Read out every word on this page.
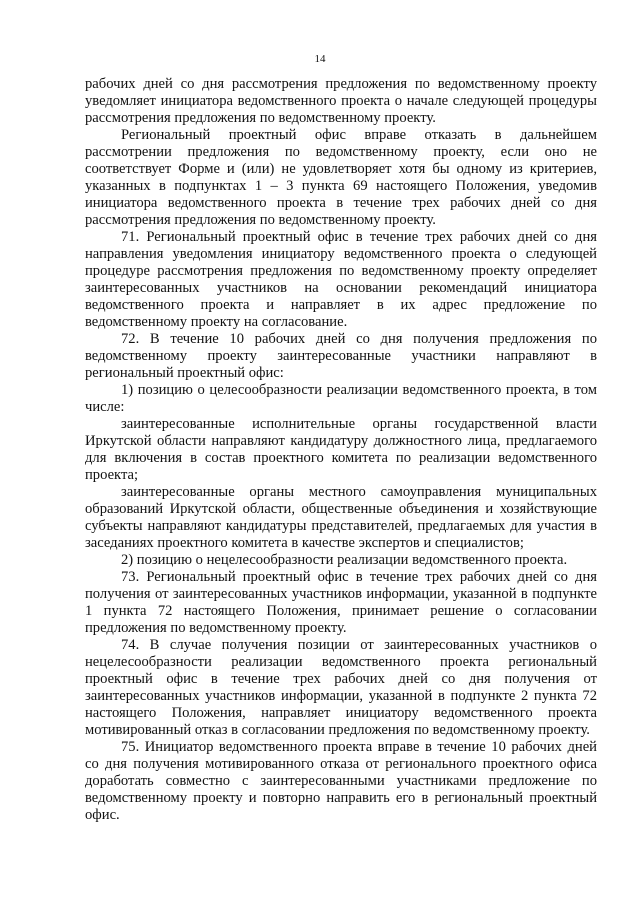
14

рабочих дней со дня рассмотрения предложения по ведомственному проекту уведомляет инициатора ведомственного проекта о начале следующей процедуры рассмотрения предложения по ведомственному проекту.

Региональный проектный офис вправе отказать в дальнейшем рассмотрении предложения по ведомственному проекту, если оно не соответствует Форме и (или) не удовлетворяет хотя бы одному из критериев, указанных в подпунктах 1 – 3 пункта 69 настоящего Положения, уведомив инициатора ведомственного проекта в течение трех рабочих дней со дня рассмотрения предложения по ведомственному проекту.

71. Региональный проектный офис в течение трех рабочих дней со дня направления уведомления инициатору ведомственного проекта о следующей процедуре рассмотрения предложения по ведомственному проекту определяет заинтересованных участников на основании рекомендаций инициатора ведомственного проекта и направляет в их адрес предложение по ведомственному проекту на согласование.

72. В течение 10 рабочих дней со дня получения предложения по ведомственному проекту заинтересованные участники направляют в региональный проектный офис:

1) позицию о целесообразности реализации ведомственного проекта, в том числе:

заинтересованные исполнительные органы государственной власти Иркутской области направляют кандидатуру должностного лица, предлагаемого для включения в состав проектного комитета по реализации ведомственного проекта;

заинтересованные органы местного самоуправления муниципальных образований Иркутской области, общественные объединения и хозяйствующие субъекты направляют кандидатуры представителей, предлагаемых для участия в заседаниях проектного комитета в качестве экспертов и специалистов;

2) позицию о нецелесообразности реализации ведомственного проекта.

73. Региональный проектный офис в течение трех рабочих дней со дня получения от заинтересованных участников информации, указанной в подпункте 1 пункта 72 настоящего Положения, принимает решение о согласовании предложения по ведомственному проекту.

74. В случае получения позиции от заинтересованных участников о нецелесообразности реализации ведомственного проекта региональный проектный офис в течение трех рабочих дней со дня получения от заинтересованных участников информации, указанной в подпункте 2 пункта 72 настоящего Положения, направляет инициатору ведомственного проекта мотивированный отказ в согласовании предложения по ведомственному проекту.

75. Инициатор ведомственного проекта вправе в течение 10 рабочих дней со дня получения мотивированного отказа от регионального проектного офиса доработать совместно с заинтересованными участниками предложение по ведомственному проекту и повторно направить его в региональный проектный офис.
